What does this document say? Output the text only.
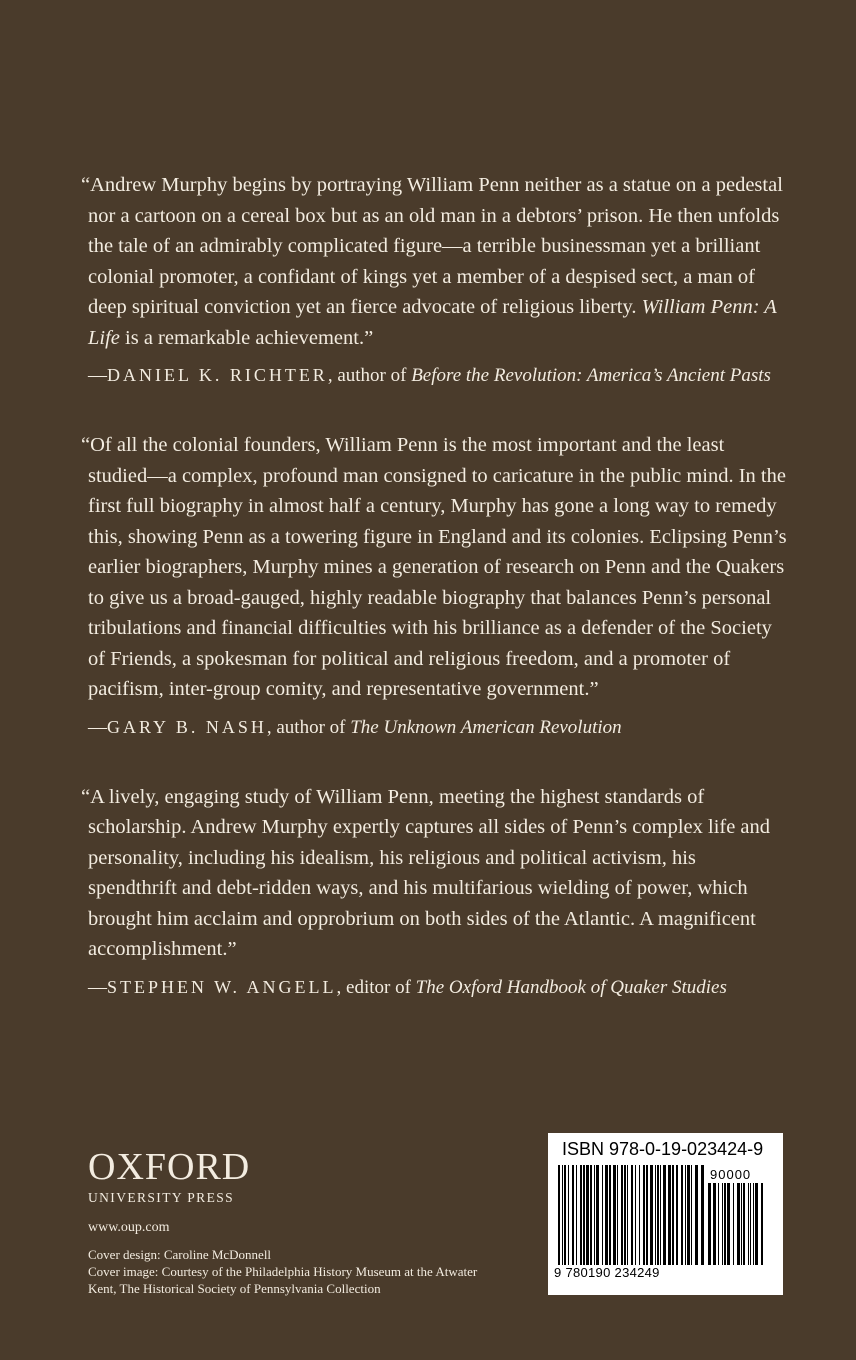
“Andrew Murphy begins by portraying William Penn neither as a statue on a pedestal nor a cartoon on a cereal box but as an old man in a debtors’ prison. He then unfolds the tale of an admirably complicated figure—a terrible businessman yet a brilliant colonial promoter, a confidant of kings yet a member of a despised sect, a man of deep spiritual conviction yet an fierce advocate of religious liberty. William Penn: A Life is a remarkable achievement.”

—DANIEL K. RICHTER, author of Before the Revolution: America’s Ancient Pasts

“Of all the colonial founders, William Penn is the most important and the least studied—a complex, profound man consigned to caricature in the public mind. In the first full biography in almost half a century, Murphy has gone a long way to remedy this, showing Penn as a towering figure in England and its colonies. Eclipsing Penn’s earlier biographers, Murphy mines a generation of research on Penn and the Quakers to give us a broad-gauged, highly readable biography that balances Penn’s personal tribulations and financial difficulties with his brilliance as a defender of the Society of Friends, a spokesman for political and religious freedom, and a promoter of pacifism, inter-group comity, and representative government.”

—GARY B. NASH, author of The Unknown American Revolution

“A lively, engaging study of William Penn, meeting the highest standards of scholarship. Andrew Murphy expertly captures all sides of Penn’s complex life and personality, including his idealism, his religious and political activism, his spendthrift and debt-ridden ways, and his multifarious wielding of power, which brought him acclaim and opprobrium on both sides of the Atlantic. A magnificent accomplishment.”

—STEPHEN W. ANGELL, editor of The Oxford Handbook of Quaker Studies

OXFORD
UNIVERSITY PRESS
www.oup.com
Cover design: Caroline McDonnell
Cover image: Courtesy of the Philadelphia History Museum at the Atwater Kent, The Historical Society of Pennsylvania Collection
ISBN 978-0-19-023424-9
90000
9 780190 234249
